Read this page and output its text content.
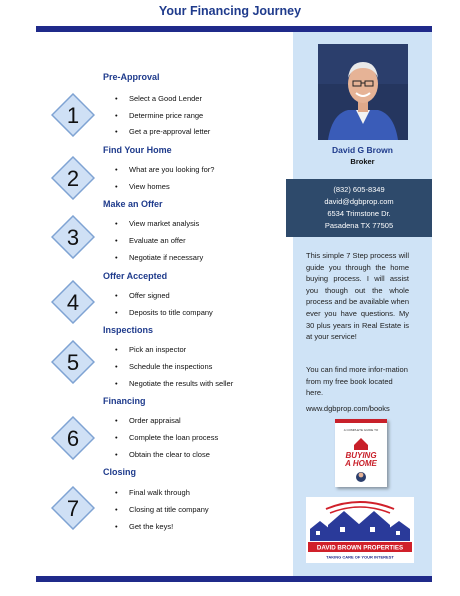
Your Financing Journey
David G Brown
Broker
(832) 605-8349
david@dgbprop.com
6534 Trimstone Dr.
Pasadena TX 77505

This simple 7 Step process will guide you through the home buying process. I will assist you though out the whole process and be available when ever you have questions. My 30 plus years in Real Estate is at your service!

You can find more infor-mation from my free book located here.

www.dgbprop.com/books
A COMPLETE GUIDE TO
BUYING
A HOME
DAVID BROWN PROPERTIES
TAKING CARE OF YOUR INTEREST
1
Pre-Approval
Select a Good Lender
Determine price range
Get a pre-approval letter
2
Find Your Home
What are you looking for?
View homes
3
Make an Offer
View market analysis
Evaluate an offer
Negotiate if necessary
4
Offer Accepted
Offer signed
Deposits to title company
5
Inspections
Pick an inspector
Schedule the inspections
Negotiate the results with seller
6
Financing
Order appraisal
Complete the loan process
Obtain the clear to close
7
Closing
Final walk through
Closing at title company
Get the keys!
